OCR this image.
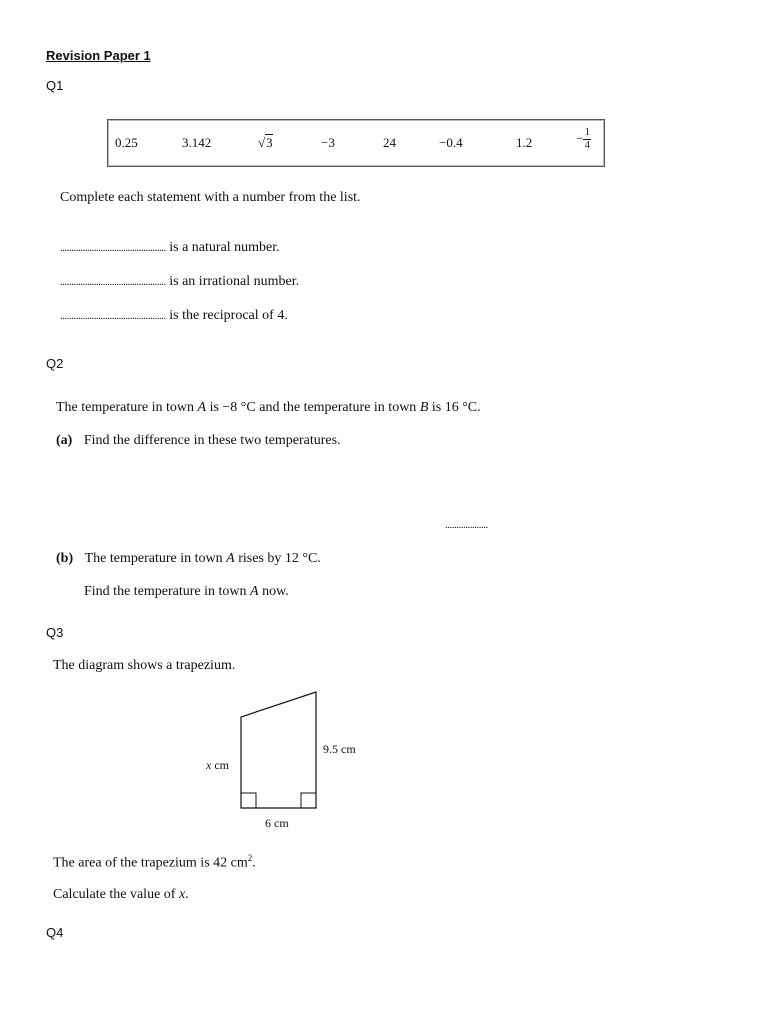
Revision Paper 1
Q1
0.25	3.142	√3	−3	24	−0.4	1.2	− $\frac{1}{4}$
Complete each statement with a number from the list.
............................................... is a natural number.
............................................... is an irrational number.
............................................... is the reciprocal of 4.
Q2
The temperature in town A is −8 °C and the temperature in town B is 16 °C.
(a) Find the difference in these two temperatures.
...................
(b) The temperature in town A rises by 12 °C.
Find the temperature in town A now.
Q3
The diagram shows a trapezium.
x cm
9.5 cm
6 cm
The area of the trapezium is 42 $cm^2$.
Calculate the value of x.
Q4
